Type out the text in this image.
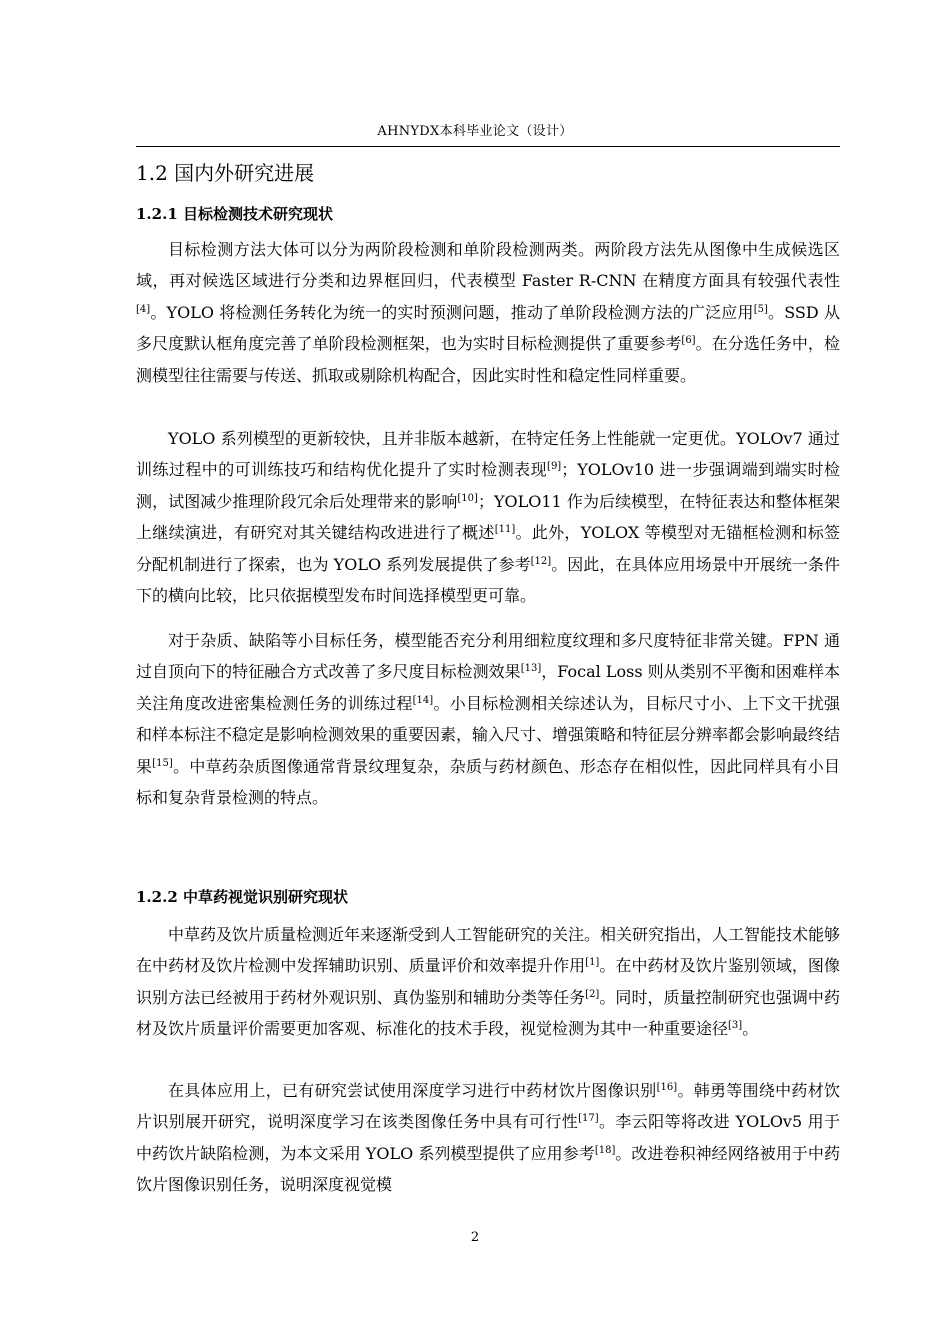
AHNYDX本科毕业论文（设计）
1.2 国内外研究进展
1.2.1 目标检测技术研究现状

目标检测方法大体可以分为两阶段检测和单阶段检测两类。两阶段方法先从图像中生成候选区域，再对候选区域进行分类和边界框回归，代表模型 Faster R-CNN 在精度方面具有较强代表性[4]。YOLO 将检测任务转化为统一的实时预测问题，推动了单阶段检测方法的广泛应用[5]。SSD 从多尺度默认框角度完善了单阶段检测框架，也为实时目标检测提供了重要参考[6]。在分选任务中，检测模型往往需要与传送、抓取或剔除机构配合，因此实时性和稳定性同样重要。

YOLO 系列模型的更新较快，且并非版本越新，在特定任务上性能就一定更优。YOLOv7 通过训练过程中的可训练技巧和结构优化提升了实时检测表现[9]；YOLOv10 进一步强调端到端实时检测，试图减少推理阶段冗余后处理带来的影响[10]；YOLO11 作为后续模型，在特征表达和整体框架上继续演进，有研究对其关键结构改进进行了概述[11]。此外，YOLOX 等模型对无锚框检测和标签分配机制进行了探索，也为 YOLO 系列发展提供了参考[12]。因此，在具体应用场景中开展统一条件下的横向比较，比只依据模型发布时间选择模型更可靠。

对于杂质、缺陷等小目标任务，模型能否充分利用细粒度纹理和多尺度特征非常关键。FPN 通过自顶向下的特征融合方式改善了多尺度目标检测效果[13]，Focal Loss 则从类别不平衡和困难样本关注角度改进密集检测任务的训练过程[14]。小目标检测相关综述认为，目标尺寸小、上下文干扰强和样本标注不稳定是影响检测效果的重要因素，输入尺寸、增强策略和特征层分辨率都会影响最终结果[15]。中草药杂质图像通常背景纹理复杂，杂质与药材颜色、形态存在相似性，因此同样具有小目标和复杂背景检测的特点。

1.2.2 中草药视觉识别研究现状

中草药及饮片质量检测近年来逐渐受到人工智能研究的关注。相关研究指出，人工智能技术能够在中药材及饮片检测中发挥辅助识别、质量评价和效率提升作用[1]。在中药材及饮片鉴别领域，图像识别方法已经被用于药材外观识别、真伪鉴别和辅助分类等任务[2]。同时，质量控制研究也强调中药材及饮片质量评价需要更加客观、标准化的技术手段，视觉检测为其中一种重要途径[3]。

在具体应用上，已有研究尝试使用深度学习进行中药材饮片图像识别[16]。韩勇等围绕中药材饮片识别展开研究，说明深度学习在该类图像任务中具有可行性[17]。李云阳等将改进 YOLOv5 用于中药饮片缺陷检测，为本文采用 YOLO 系列模型提供了应用参考[18]。改进卷积神经网络被用于中药饮片图像识别任务，说明深度视觉模

2
